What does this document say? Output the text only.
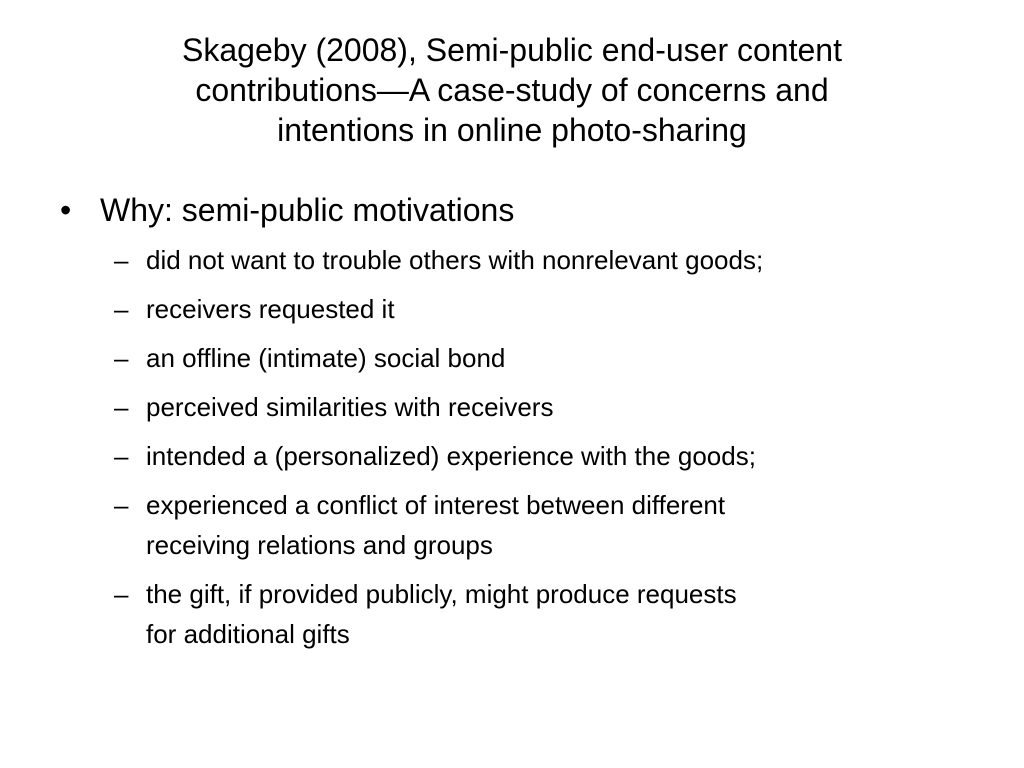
Skageby (2008), Semi-public end-user content
contributions—A case-study of concerns and
intentions in online photo-sharing
• Why: semi-public motivations
– did not want to trouble others with nonrelevant goods;
– receivers requested it
– an offline (intimate) social bond
– perceived similarities with receivers
– intended a (personalized) experience with the goods;
– experienced a conflict of interest between different
receiving relations and groups
– the gift, if provided publicly, might produce requests
for additional gifts
